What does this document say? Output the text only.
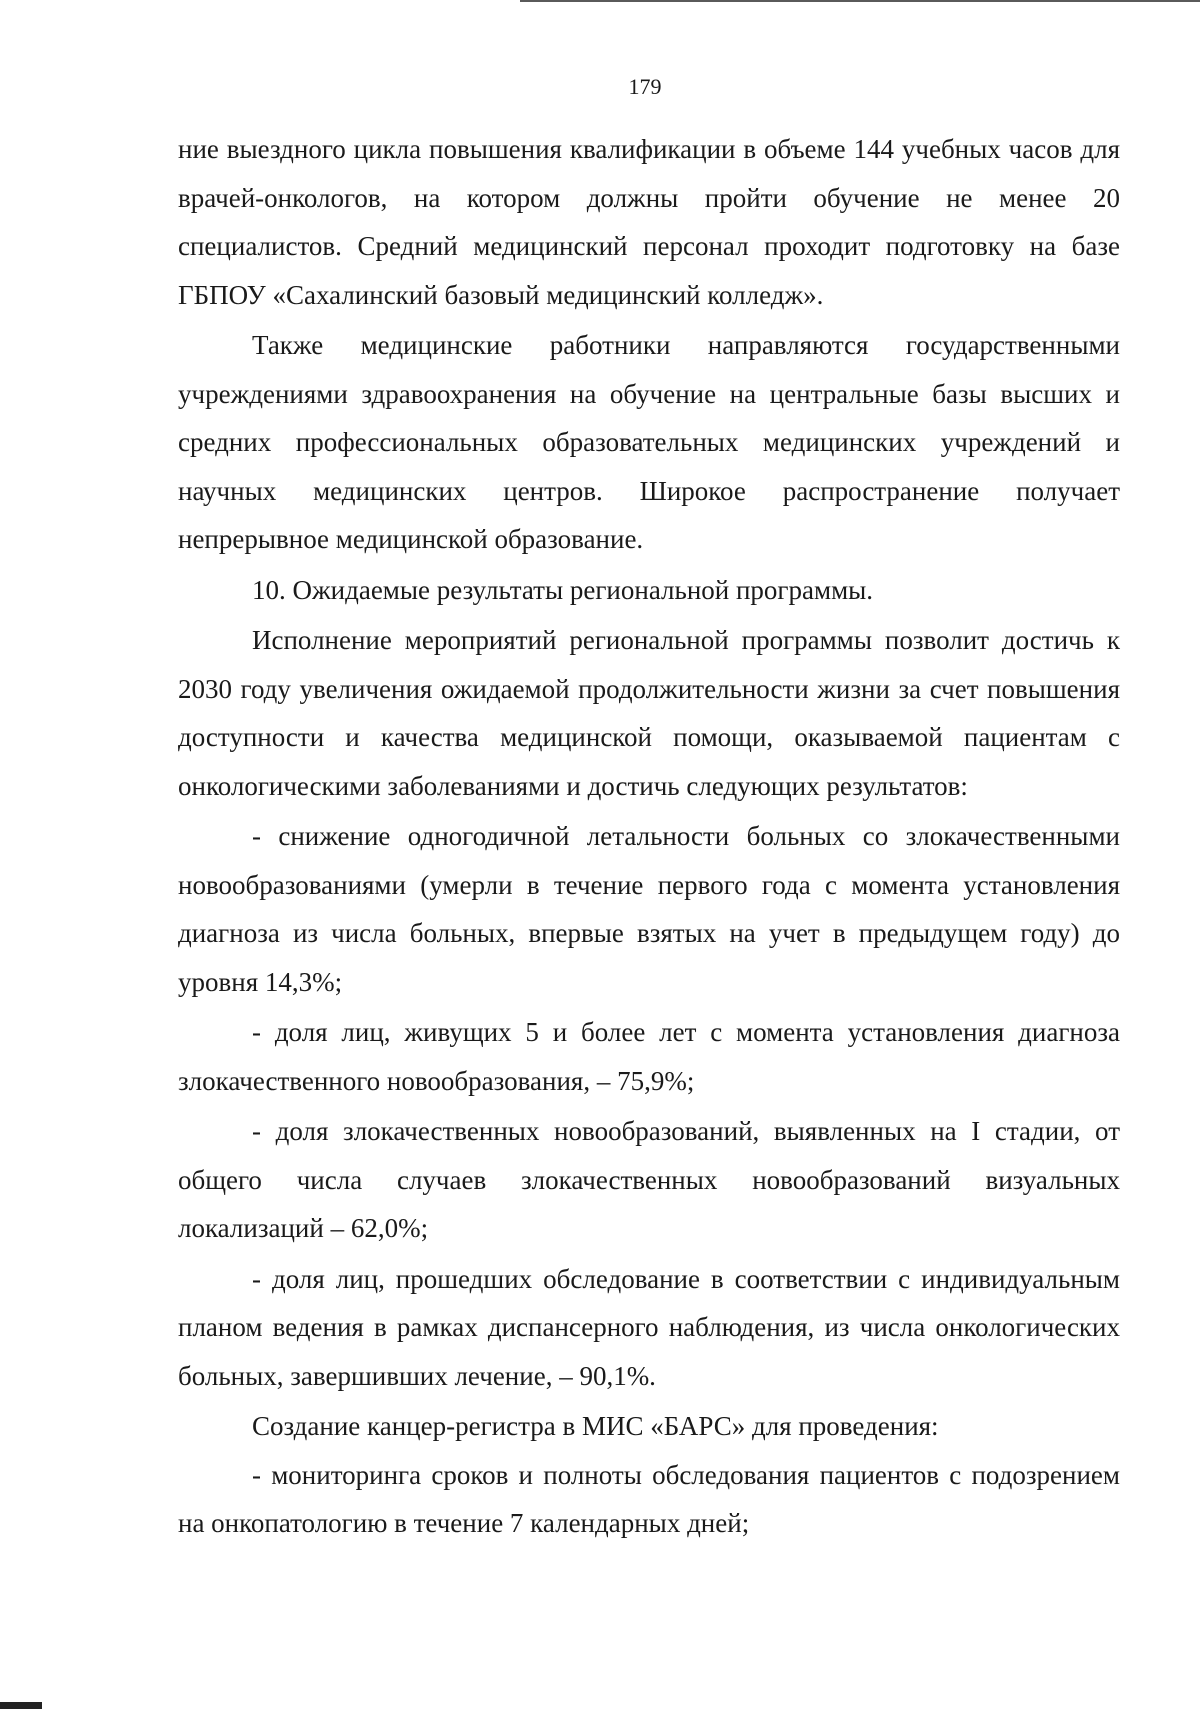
179

ние выездного цикла повышения квалификации в объеме 144 учебных часов для врачей-онкологов, на котором должны пройти обучение не менее 20 специалистов. Средний медицинский персонал проходит подготовку на базе ГБПОУ «Сахалинский базовый медицинский колледж».

Также медицинские работники направляются государственными учреждениями здравоохранения на обучение на центральные базы высших и средних профессиональных образовательных медицинских учреждений и научных медицинских центров. Широкое распространение получает непрерывное медицинской образование.

10. Ожидаемые результаты региональной программы.

Исполнение мероприятий региональной программы позволит достичь к 2030 году увеличения ожидаемой продолжительности жизни за счет повышения доступности и качества медицинской помощи, оказываемой пациентам с онкологическими заболеваниями и достичь следующих результатов:

- снижение одногодичной летальности больных со злокачественными новообразованиями (умерли в течение первого года с момента установления диагноза из числа больных, впервые взятых на учет в предыдущем году) до уровня 14,3%;

- доля лиц, живущих 5 и более лет с момента установления диагноза злокачественного новообразования, – 75,9%;

- доля злокачественных новообразований, выявленных на I стадии, от общего числа случаев злокачественных новообразований визуальных локализаций – 62,0%;

- доля лиц, прошедших обследование в соответствии с индивидуальным планом ведения в рамках диспансерного наблюдения, из числа онкологических больных, завершивших лечение, – 90,1%.

Создание канцер-регистра в МИС «БАРС» для проведения:

- мониторинга сроков и полноты обследования пациентов с подозрением на онкопатологию в течение 7 календарных дней;
